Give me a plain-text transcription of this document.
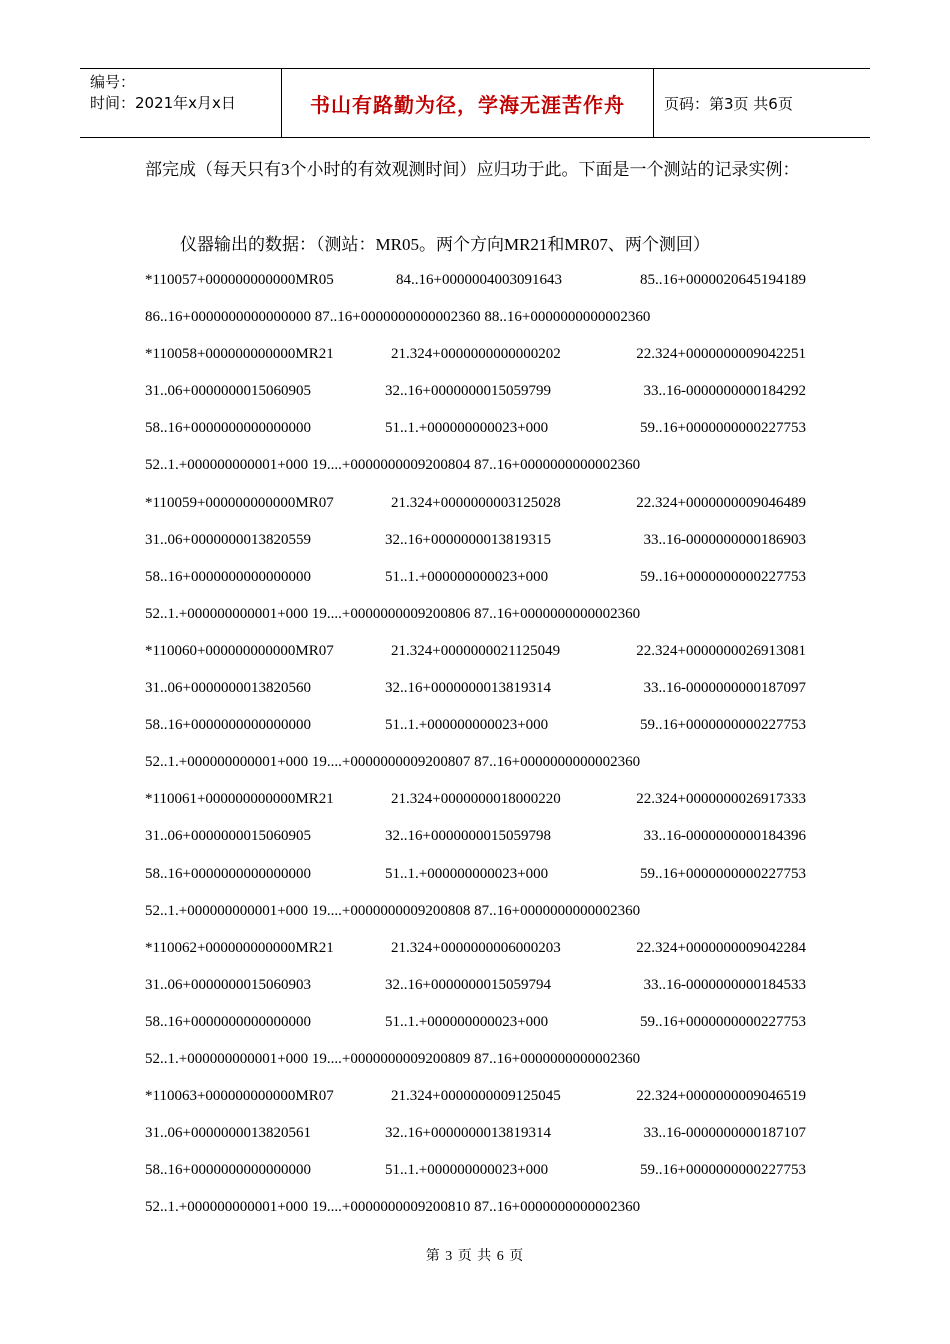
编号：
时间：2021年x月x日	书山有路勤为径，学海无涯苦作舟	页码：第3页 共6页
部完成（每天只有3个小时的有效观测时间）应归功于此。下面是一个测站的记录实例：
仪器输出的数据：（测站：MR05。两个方向MR21和MR07、两个测回）
*110057+000000000000MR05	84..16+0000004003091643	85..16+0000020645194189
86..16+0000000000000000 87..16+0000000000002360 88..16+0000000000002360
*110058+000000000000MR21	21.324+0000000000000202	22.324+0000000009042251
31..06+0000000015060905	32..16+0000000015059799	33..16-0000000000184292
58..16+0000000000000000	51..1.+000000000023+000	59..16+0000000000227753
52..1.+000000000001+000 19....+0000000009200804 87..16+0000000000002360
*110059+000000000000MR07	21.324+0000000003125028	22.324+0000000009046489
31..06+0000000013820559	32..16+0000000013819315	33..16-0000000000186903
58..16+0000000000000000	51..1.+000000000023+000	59..16+0000000000227753
52..1.+000000000001+000 19....+0000000009200806 87..16+0000000000002360
*110060+000000000000MR07	21.324+0000000021125049	22.324+0000000026913081
31..06+0000000013820560	32..16+0000000013819314	33..16-0000000000187097
58..16+0000000000000000	51..1.+000000000023+000	59..16+0000000000227753
52..1.+000000000001+000 19....+0000000009200807 87..16+0000000000002360
*110061+000000000000MR21	21.324+0000000018000220	22.324+0000000026917333
31..06+0000000015060905	32..16+0000000015059798	33..16-0000000000184396
58..16+0000000000000000	51..1.+000000000023+000	59..16+0000000000227753
52..1.+000000000001+000 19....+0000000009200808 87..16+0000000000002360
*110062+000000000000MR21	21.324+0000000006000203	22.324+0000000009042284
31..06+0000000015060903	32..16+0000000015059794	33..16-0000000000184533
58..16+0000000000000000	51..1.+000000000023+000	59..16+0000000000227753
52..1.+000000000001+000 19....+0000000009200809 87..16+0000000000002360
*110063+000000000000MR07	21.324+0000000009125045	22.324+0000000009046519
31..06+0000000013820561	32..16+0000000013819314	33..16-0000000000187107
58..16+0000000000000000	51..1.+000000000023+000	59..16+0000000000227753
52..1.+000000000001+000 19....+0000000009200810 87..16+0000000000002360
第 3 页 共 6 页
